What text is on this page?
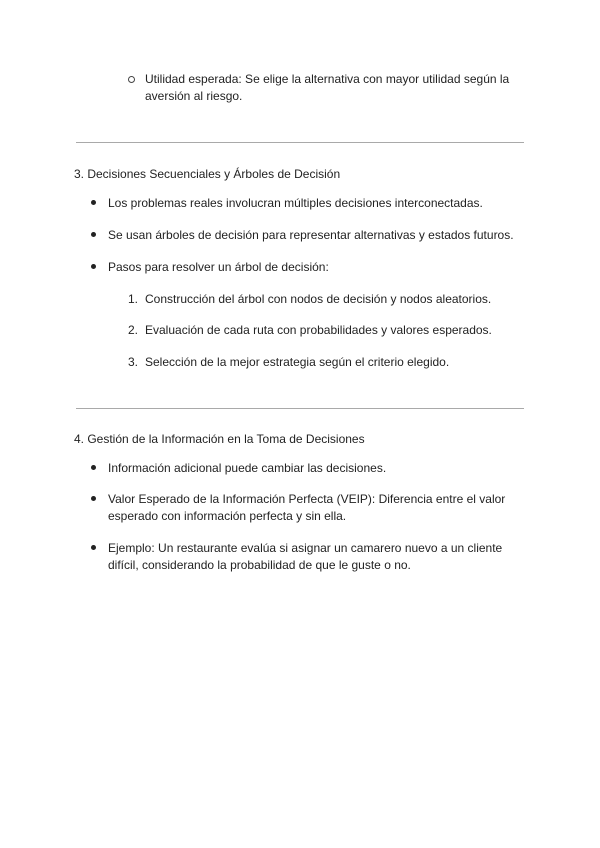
Utilidad esperada: Se elige la alternativa con mayor utilidad según la
aversión al riesgo.
3. Decisiones Secuenciales y Árboles de Decisión
Los problemas reales involucran múltiples decisiones interconectadas.
Se usan árboles de decisión para representar alternativas y estados futuros.
Pasos para resolver un árbol de decisión:
1. Construcción del árbol con nodos de decisión y nodos aleatorios.
2. Evaluación de cada ruta con probabilidades y valores esperados.
3. Selección de la mejor estrategia según el criterio elegido.
4. Gestión de la Información en la Toma de Decisiones
Información adicional puede cambiar las decisiones.
Valor Esperado de la Información Perfecta (VEIP): Diferencia entre el valor
esperado con información perfecta y sin ella.
Ejemplo: Un restaurante evalúa si asignar un camarero nuevo a un cliente
difícil, considerando la probabilidad de que le guste o no.
